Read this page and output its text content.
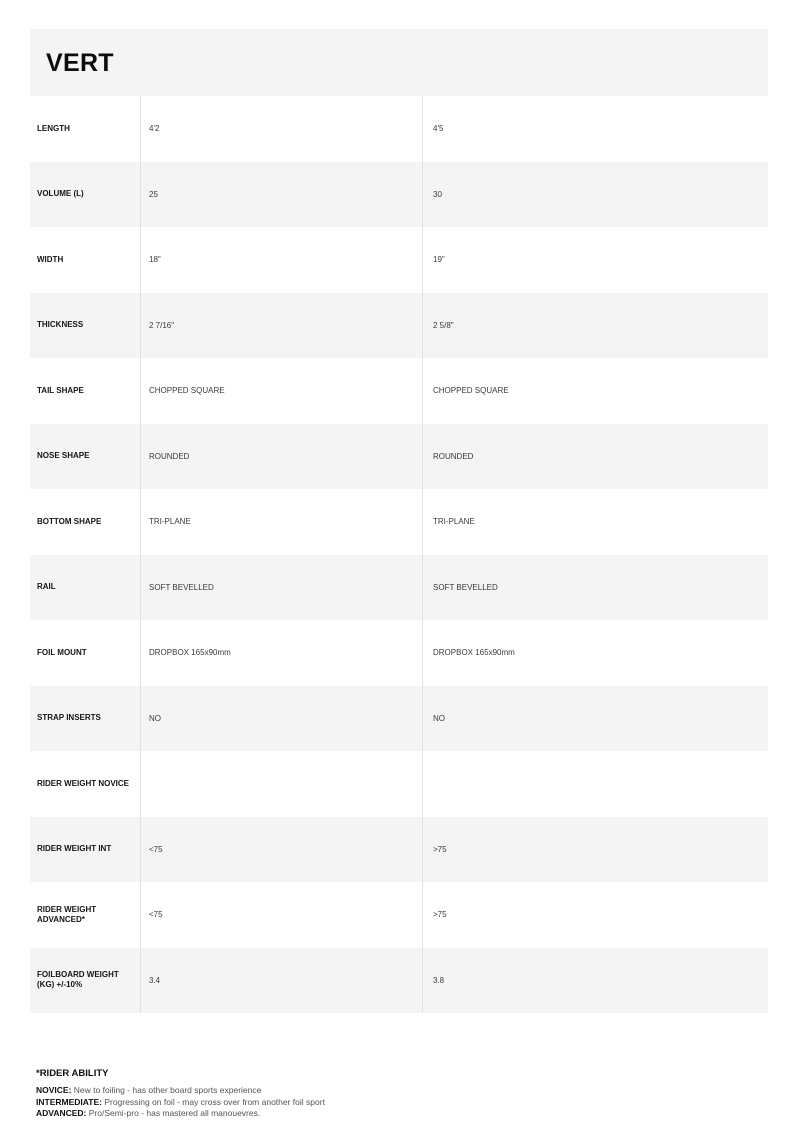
VERT
LENGTH	4'2	4'5
VOLUME (L)	25	30
WIDTH	18"	19"
THICKNESS	2 7/16"	2 5/8"
TAIL SHAPE	CHOPPED SQUARE	CHOPPED SQUARE
NOSE SHAPE	ROUNDED	ROUNDED
BOTTOM SHAPE	TRI-PLANE	TRI-PLANE
RAIL	SOFT BEVELLED	SOFT BEVELLED
FOIL MOUNT	DROPBOX 165x90mm	DROPBOX 165x90mm
STRAP INSERTS	NO	NO
RIDER WEIGHT NOVICE
RIDER WEIGHT INT	<75	>75
RIDER WEIGHT ADVANCED*	<75	>75
FOILBOARD WEIGHT (KG) +/-10%	3.4	3.8
*RIDER ABILITY
NOVICE: New to foiling - has other board sports experience
INTERMEDIATE: Progressing on foil - may cross over from another foil sport
ADVANCED: Pro/Semi-pro - has mastered all manouevres.
